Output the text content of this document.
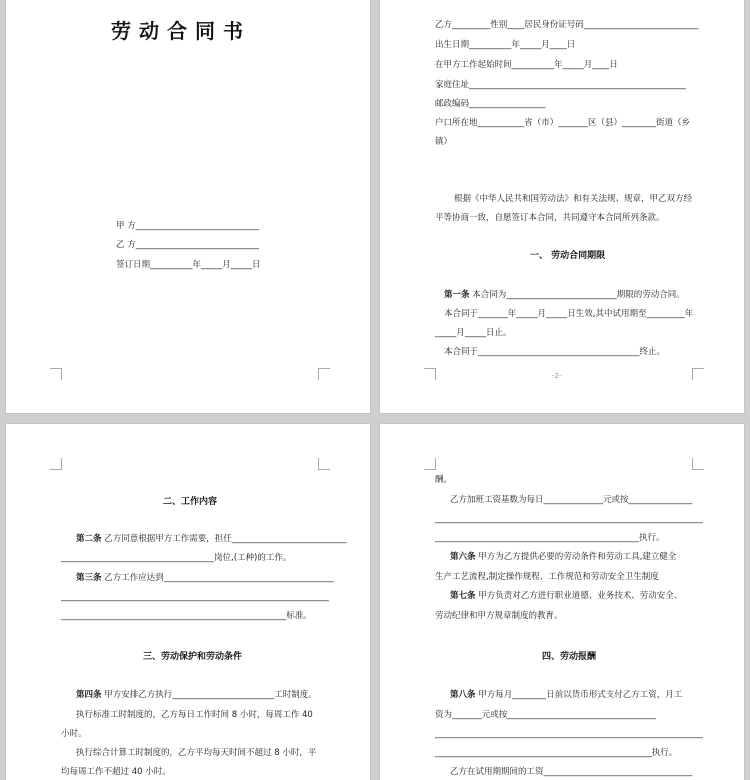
劳动合同书
甲 方_____________________________
乙 方_____________________________
签订日期__________年_____月_____日
乙方_________性别____居民身份证号码___________________________
出生日期__________年_____月____日
在甲方工作起始时间__________年_____月____日
家庭住址___________________________________________________
邮政编码__________________
户口所在地___________省（市）_______区（县）________街道（乡
镇）
根据《中华人民共和国劳动法》和有关法规、规章，甲乙双方经
平等协商一致，自愿签订本合同，共同遵守本合同所列条款。
一、 劳动合同期限
第一条 本合同为__________________________期限的劳动合同。
本合同于_______年_____月_____日生效,其中试用期至_________年
_____月_____日止。
本合同于______________________________________终止。
-2-
二、工作内容
第二条 乙方同意根据甲方工作需要，担任___________________________
____________________________________岗位,(工种)的工作。
第三条 乙方工作应达到________________________________________
_______________________________________________________________
_____________________________________________________标准。
三、劳动保护和劳动条件
第四条 甲方安排乙方执行________________________工时制度。
执行标准工时制度的，乙方每日工作时间 8 小时，每周工作 40
小时。
执行综合计算工时制度的，乙方平均每天时间不超过 8 小时，平
均每周工作不超过 40 小时。
酬。
乙方加班工资基数为每日______________元或按_______________
_______________________________________________________________
________________________________________________执行。
第六条 甲方为乙方提供必要的劳动条件和劳动工具,建立健全
生产工艺流程,制定操作规程、工作规范和劳动安全卫生制度
第七条 甲方负责对乙方进行职业道德、业务技术、劳动安全、
劳动纪律和甲方规章制度的教育。
四、劳动报酬
第八条 甲方每月________日前以货币形式支付乙方工资，月工
资为_______元或按___________________________________
_______________________________________________________________
___________________________________________________执行。
乙方在试用期期间的工资___________________________________
